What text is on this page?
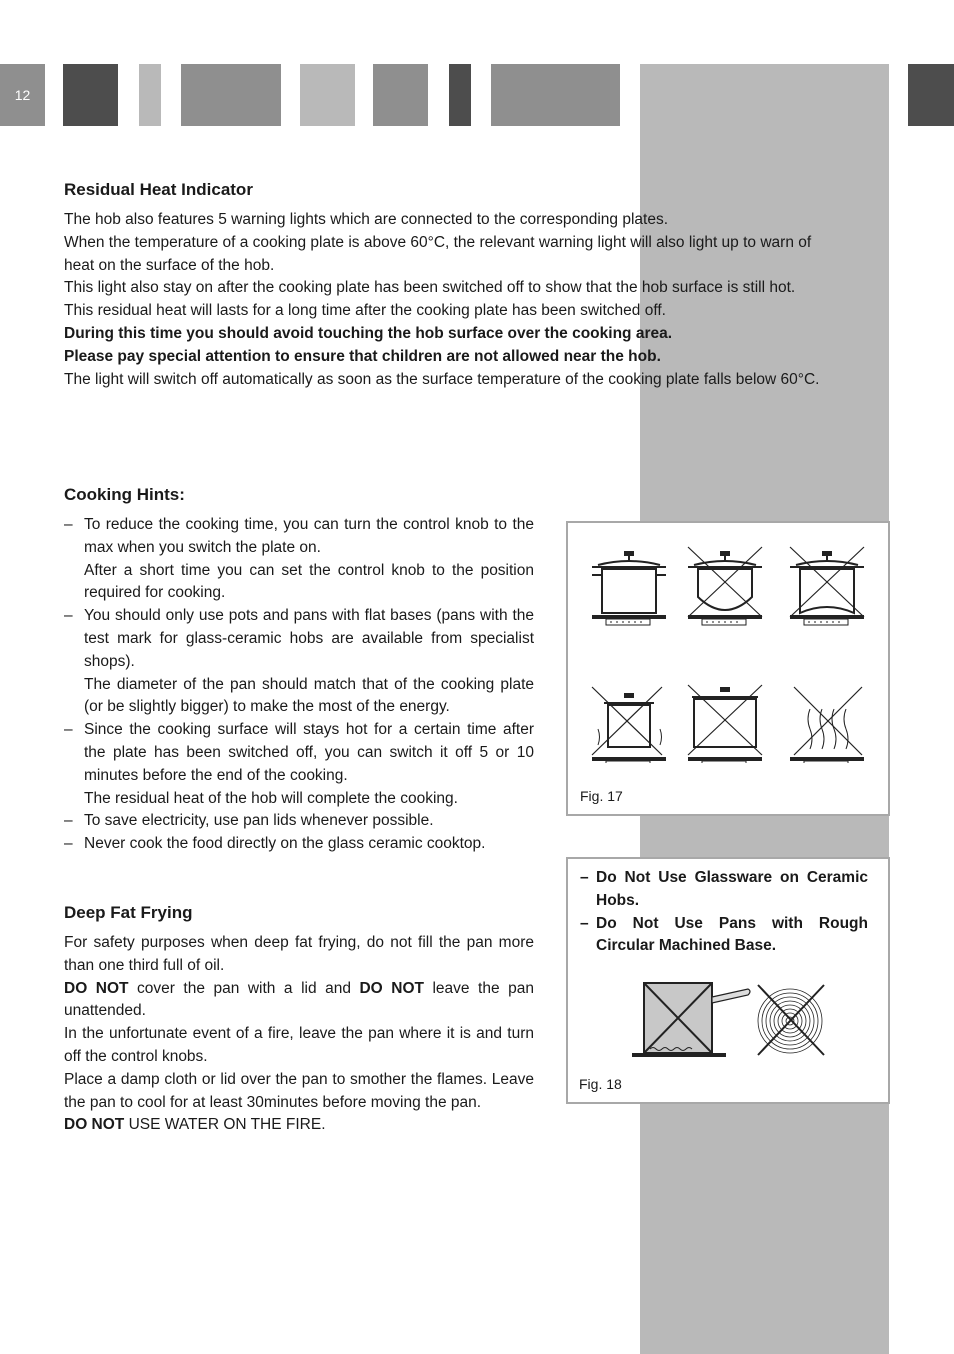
12
Residual Heat Indicator

The hob also features 5 warning lights which are connected to the corresponding plates.

When the temperature of a cooking plate is above 60°C, the relevant warning light will also light up to warn of heat on the surface of the hob.

This light also stay on after the cooking plate has been switched off to show that the hob surface is still hot.

This residual heat will lasts for a long time after the cooking plate has been switched off.

During this time you should avoid touching the hob surface over the cooking area.

Please pay special attention to ensure that children are not allowed near the hob.

The light will switch off automatically as soon as the surface temperature of the cooking plate falls below 60°C.

Cooking Hints:
– To reduce the cooking time, you can turn the control knob to the max when you switch the plate on.
After a short time you can set the control knob to the position required for cooking.
– You should only use pots and pans with flat bases (pans with the test mark for glass-ceramic hobs are available from specialist shops).
The diameter of the pan should match that of the cooking plate (or be slightly bigger) to make the most of the energy.
– Since the cooking surface will stays hot for a certain time after the plate has been switched off, you can switch it off 5 or 10 minutes before the end of the cooking.
The residual heat of the hob will complete the cooking.
– To save electricity, use pan lids whenever possible.
– Never cook the food directly on the glass ceramic cooktop.
Deep Fat Frying

For safety purposes when deep fat frying, do not fill the pan more than one third full of oil.

DO NOT cover the pan with a lid and DO NOT leave the pan unattended.

In the unfortunate event of a fire, leave the pan where it is and turn off the control knobs.

Place a damp cloth or lid over the pan to smother the flames. Leave the pan to cool for at least 30minutes before moving the pan.

DO NOT USE WATER ON THE FIRE.

Fig. 17
– Do Not Use Glassware on Ceramic Hobs.
– Do Not Use Pans with Rough Circular Machined Base.
Fig. 18
